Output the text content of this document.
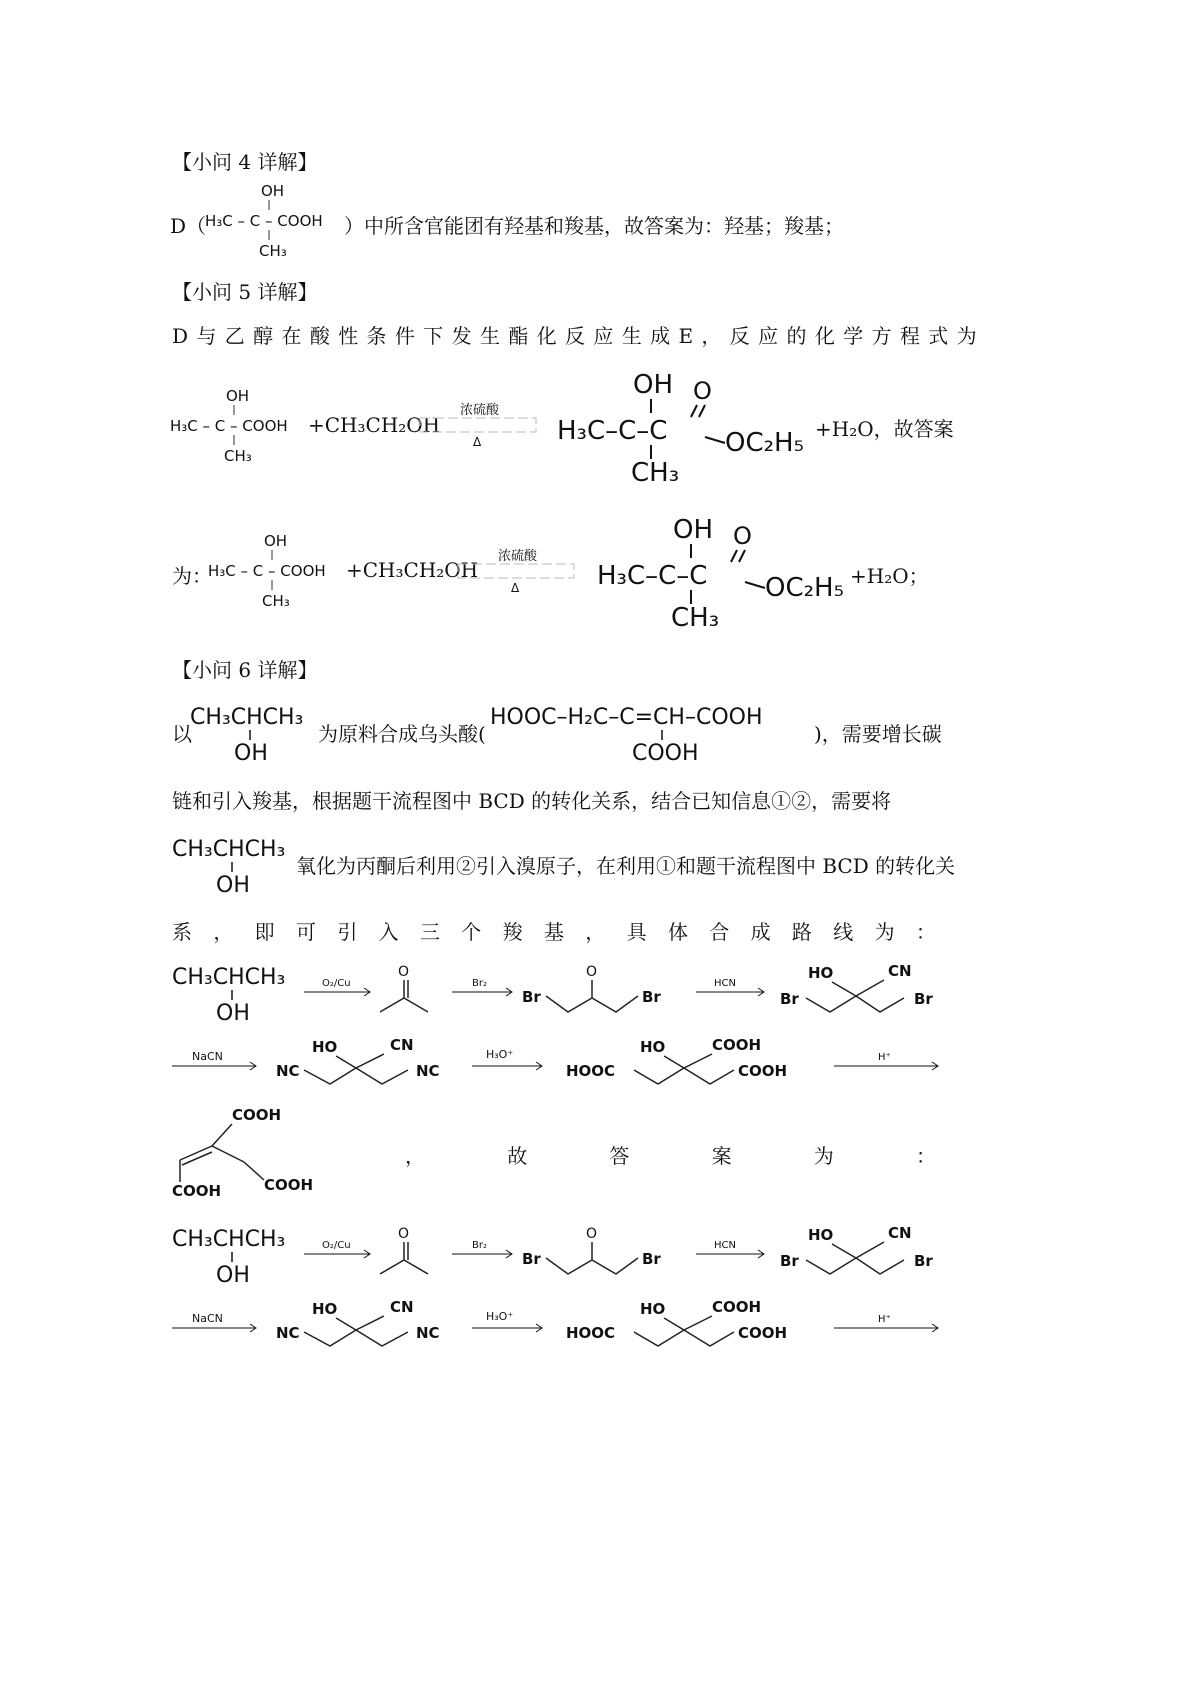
【小问 4 详解】
D（
OH
H₃C – C – COOH
CH₃
）中所含官能团有羟基和羧基，故答案为：羟基；羧基；
【小问 5 详解】
D 与 乙 醇 在 酸 性 条 件 下 发 生 酯 化 反 应 生 成 E ， 反 应 的 化 学 方 程 式 为
OH
H₃C – C – COOH
CH₃
+CH₃CH₂OH
浓硫酸
Δ
OH O
H₃C–C–C OC₂H₅
CH₃
+H₂O，故答案
为：
OH
H₃C – C – COOH
CH₃
+CH₃CH₂OH
浓硫酸
Δ
OH O
H₃C–C–C OC₂H₅
CH₃
+H₂O；
【小问 6 详解】
以
CH₃CHCH₃
OH
为原料合成乌头酸(
HOOC–H₂C–C=CH–COOH
COOH
)，需要增长碳
链和引入羧基，根据题干流程图中 BCD 的转化关系，结合已知信息①②，需要将
CH₃CHCH₃
OH
氧化为丙酮后利用②引入溴原子，在利用①和题干流程图中 BCD 的转化关
系 ， 即 可 引 入 三 个 羧 基 ， 具 体 合 成 路 线 为 ：
CH₃CHCH₃
OH
O₂/Cu
O
Br₂
Br
O
Br
HCN
HO	CN
Br	Br
NaCN
HO	CN
NC	NC
H₃O⁺	HO	COOH
HOOC	COOH
H⁺
COOH
COOH	COOH
，	故	答	案	为	：
CH₃CHCH₃
OH
O₂/Cu
O
Br₂
Br
O
Br
HCN
HO	CN
Br	Br
NaCN
HO	CN
NC	NC
H₃O⁺	HO	COOH
HOOC	COOH
H⁺
